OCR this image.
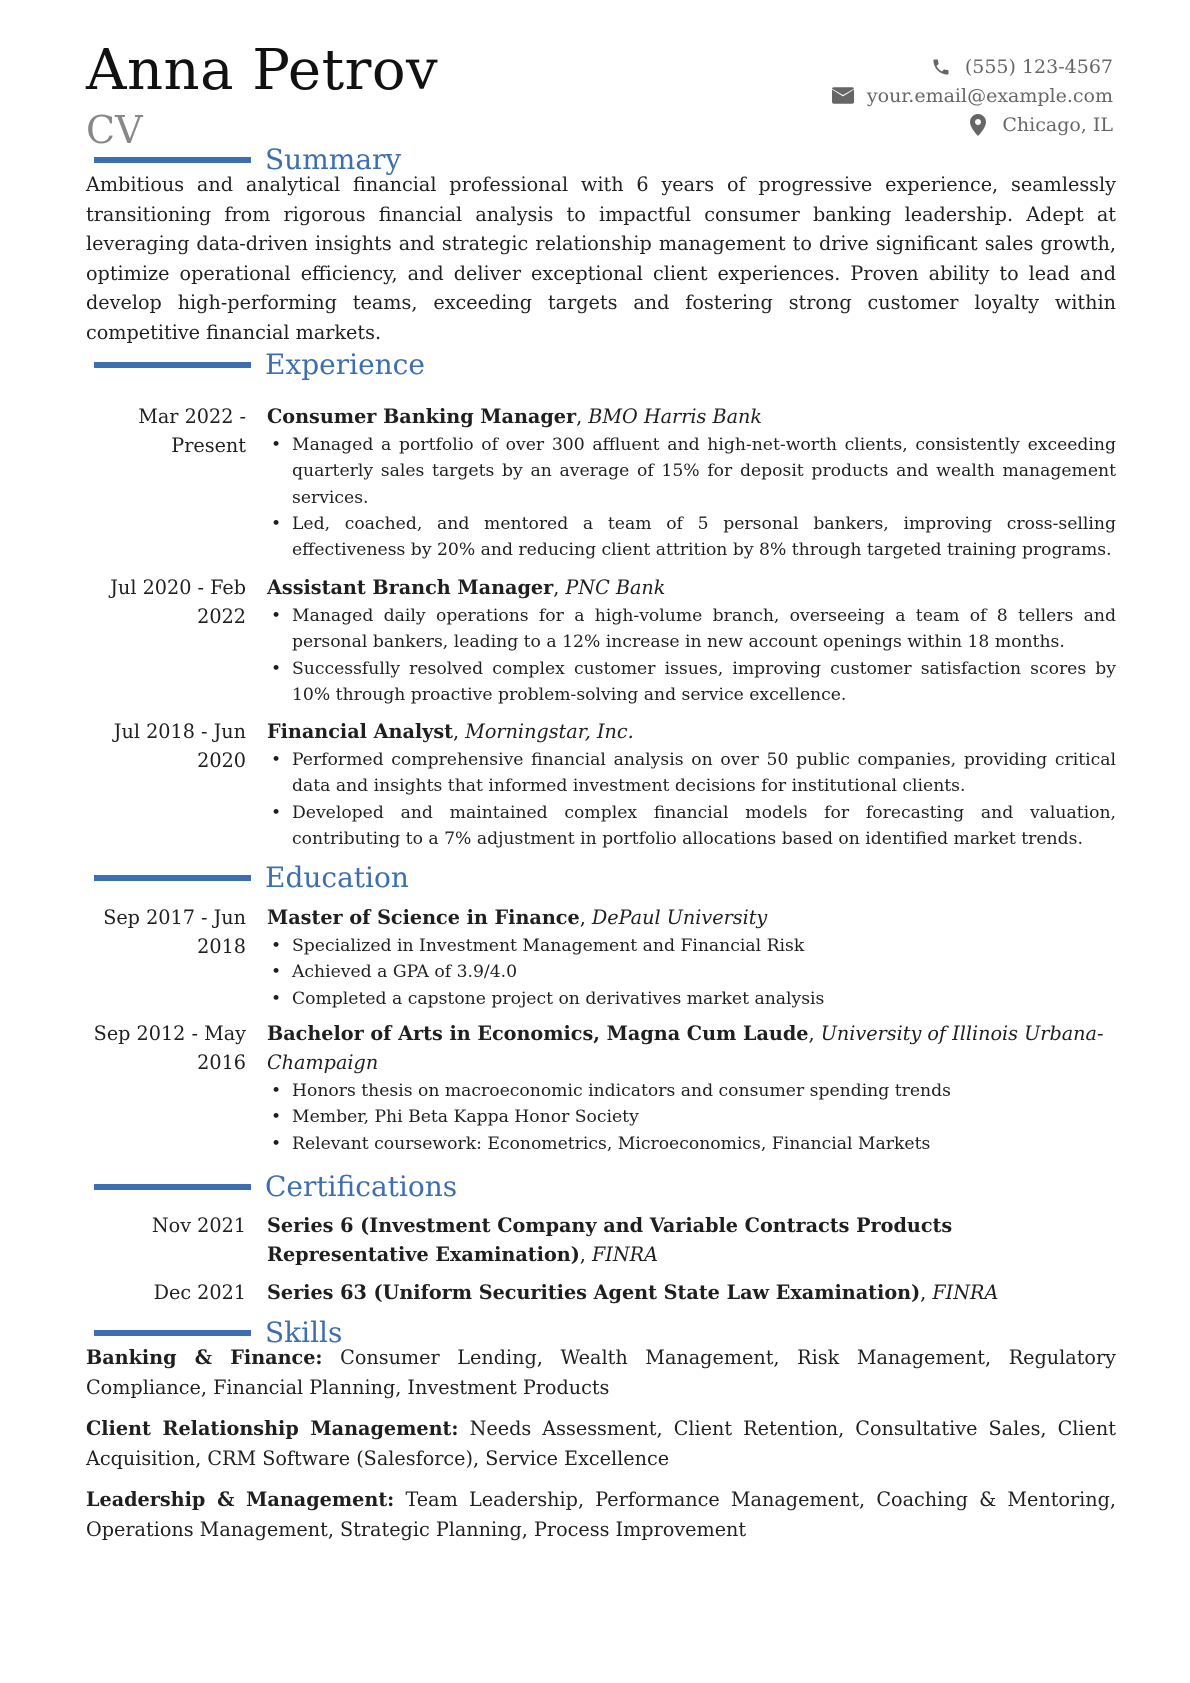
Anna Petrov
CV
(555) 123-4567
your.email@example.com
Chicago, IL
Summary
Ambitious and analytical financial professional with 6 years of progressive experience, seamlessly transitioning from rigorous financial analysis to impactful consumer banking leadership. Adept at leveraging data-driven insights and strategic relationship management to drive significant sales growth, optimize operational efficiency, and deliver exceptional client experiences. Proven ability to lead and develop high-performing teams, exceeding targets and fostering strong customer loyalty within competitive financial markets.
Experience
Mar 2022 -
Present
Consumer Banking Manager, BMO Harris Bank
• Managed a portfolio of over 300 affluent and high-net-worth clients, consistently exceeding quarterly sales targets by an average of 15% for deposit products and wealth management services.
• Led, coached, and mentored a team of 5 personal bankers, improving cross-selling effectiveness by 20% and reducing client attrition by 8% through targeted training programs.
Jul 2020 - Feb
2022
Assistant Branch Manager, PNC Bank
• Managed daily operations for a high-volume branch, overseeing a team of 8 tellers and personal bankers, leading to a 12% increase in new account openings within 18 months.
• Successfully resolved complex customer issues, improving customer satisfaction scores by 10% through proactive problem-solving and service excellence.
Jul 2018 - Jun
2020
Financial Analyst, Morningstar, Inc.
• Performed comprehensive financial analysis on over 50 public companies, providing critical data and insights that informed investment decisions for institutional clients.
• Developed and maintained complex financial models for forecasting and valuation, contributing to a 7% adjustment in portfolio allocations based on identified market trends.
Education
Sep 2017 - Jun
2018
Master of Science in Finance, DePaul University
• Specialized in Investment Management and Financial Risk
• Achieved a GPA of 3.9/4.0
• Completed a capstone project on derivatives market analysis
Sep 2012 - May
2016
Bachelor of Arts in Economics, Magna Cum Laude, University of Illinois Urbana-Champaign
• Honors thesis on macroeconomic indicators and consumer spending trends
• Member, Phi Beta Kappa Honor Society
• Relevant coursework: Econometrics, Microeconomics, Financial Markets
Certifications
Nov 2021 Series 6 (Investment Company and Variable Contracts Products Representative Examination), FINRA
Dec 2021 Series 63 (Uniform Securities Agent State Law Examination), FINRA
Skills
Banking & Finance: Consumer Lending, Wealth Management, Risk Management, Regulatory Compliance, Financial Planning, Investment Products
Client Relationship Management: Needs Assessment, Client Retention, Consultative Sales, Client Acquisition, CRM Software (Salesforce), Service Excellence
Leadership & Management: Team Leadership, Performance Management, Coaching & Mentoring, Operations Management, Strategic Planning, Process Improvement
